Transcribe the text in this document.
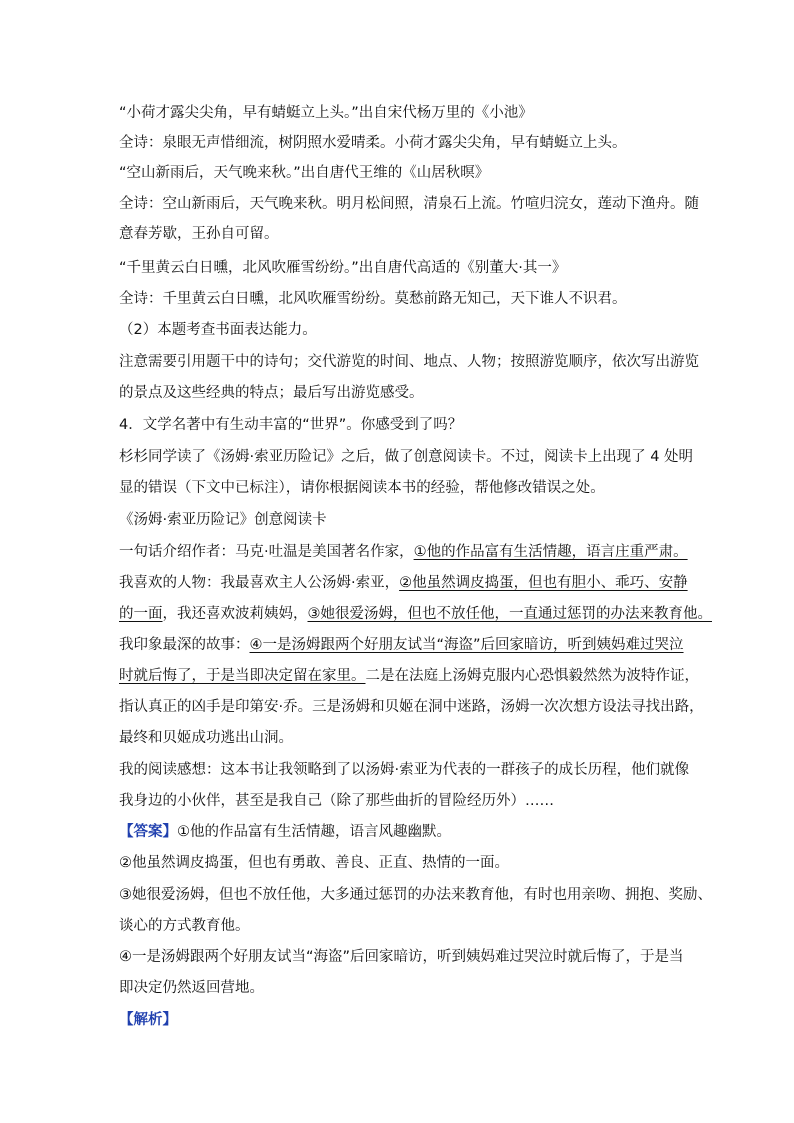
“小荷才露尖尖角，早有蜻蜓立上头。”出自宋代杨万里的《小池》
全诗：泉眼无声惜细流，树阴照水爱晴柔。小荷才露尖尖角，早有蜻蜓立上头。
“空山新雨后，天气晚来秋。”出自唐代王维的《山居秋暝》
全诗：空山新雨后，天气晚来秋。明月松间照，清泉石上流。竹喧归浣女，莲动下渔舟。随
意春芳歇，王孙自可留。
“千里黄云白日曛，北风吹雁雪纷纷。”出自唐代高适的《别董大·其一》
全诗：千里黄云白日曛，北风吹雁雪纷纷。莫愁前路无知己，天下谁人不识君。
（2）本题考查书面表达能力。
注意需要引用题干中的诗句；交代游览的时间、地点、人物；按照游览顺序，依次写出游览
的景点及这些经典的特点；最后写出游览感受。
4．文学名著中有生动丰富的“世界”。你感受到了吗？
杉杉同学读了《汤姆·索亚历险记》之后，做了创意阅读卡。不过，阅读卡上出现了 4 处明
显的错误（下文中已标注），请你根据阅读本书的经验，帮他修改错误之处。
《汤姆·索亚历险记》创意阅读卡
一句话介绍作者：马克·吐温是美国著名作家，①他的作品富有生活情趣，语言庄重严肃。
我喜欢的人物：我最喜欢主人公汤姆·索亚，②他虽然调皮捣蛋，但也有胆小、乖巧、安静
的一面，我还喜欢波莉姨妈，③她很爱汤姆，但也不放任他，一直通过惩罚的办法来教育他。
我印象最深的故事：④一是汤姆跟两个好朋友试当“海盗”后回家暗访，听到姨妈难过哭泣
时就后悔了，于是当即决定留在家里。二是在法庭上汤姆克服内心恐惧毅然然为波特作证，
指认真正的凶手是印第安·乔。三是汤姆和贝姬在洞中迷路，汤姆一次次想方设法寻找出路，
最终和贝姬成功逃出山洞。
我的阅读感想：这本书让我领略到了以汤姆·索亚为代表的一群孩子的成长历程，他们就像
我身边的小伙伴，甚至是我自己（除了那些曲折的冒险经历外）……
【答案】①他的作品富有生活情趣，语言风趣幽默。
②他虽然调皮捣蛋，但也有勇敢、善良、正直、热情的一面。
③她很爱汤姆，但也不放任他，大多通过惩罚的办法来教育他，有时也用亲吻、拥抱、奖励、
谈心的方式教育他。
④一是汤姆跟两个好朋友试当“海盗”后回家暗访，听到姨妈难过哭泣时就后悔了，于是当
即决定仍然返回营地。
【解析】
